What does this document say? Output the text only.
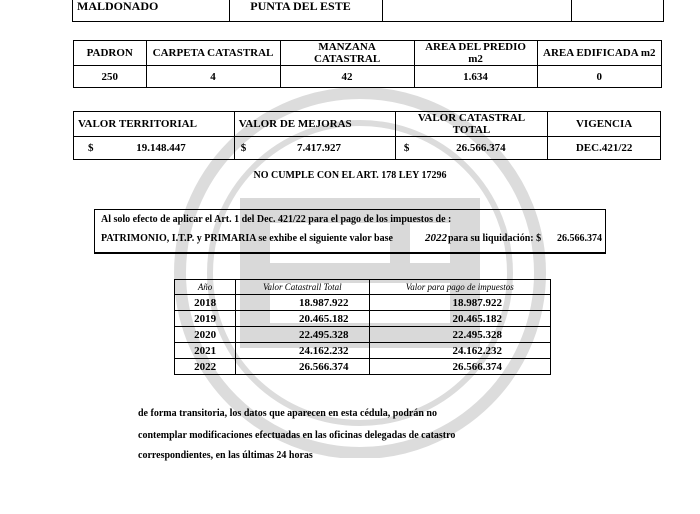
MALDONADO	PUNTA DEL ESTE		
PADRON	CARPETA CATASTRAL	MANZANA CATASTRAL	AREA DEL PREDIO m2	AREA EDIFICADA m2
250	4	42	1.634	0
VALOR TERRITORIAL	VALOR DE MEJORAS	VALOR CATASTRAL TOTAL	VIGENCIA
$ 19.148.447	$ 7.417.927	$ 26.566.374	DEC.421/22
NO CUMPLE CON EL ART. 178 LEY 17296
Al solo efecto de aplicar el Art. 1 del Dec. 421/22 para el pago de los impuestos de :
PATRIMONIO, I.T.P. y PRIMARIA se exhibe el siguiente valor base	2022 para su liquidación: $ 26.566.374
Año	Valor Catastrall Total	Valor para pago de impuestos
2018	18.987.922	18.987.922
2019	20.465.182	20.465.182
2020	22.495.328	22.495.328
2021	24.162.232	24.162.232
2022	26.566.374	26.566.374
de forma transitoria, los datos que aparecen en esta cédula, podrán no
contemplar modificaciones efectuadas en las oficinas delegadas de catastro
correspondientes, en las últimas 24 horas
